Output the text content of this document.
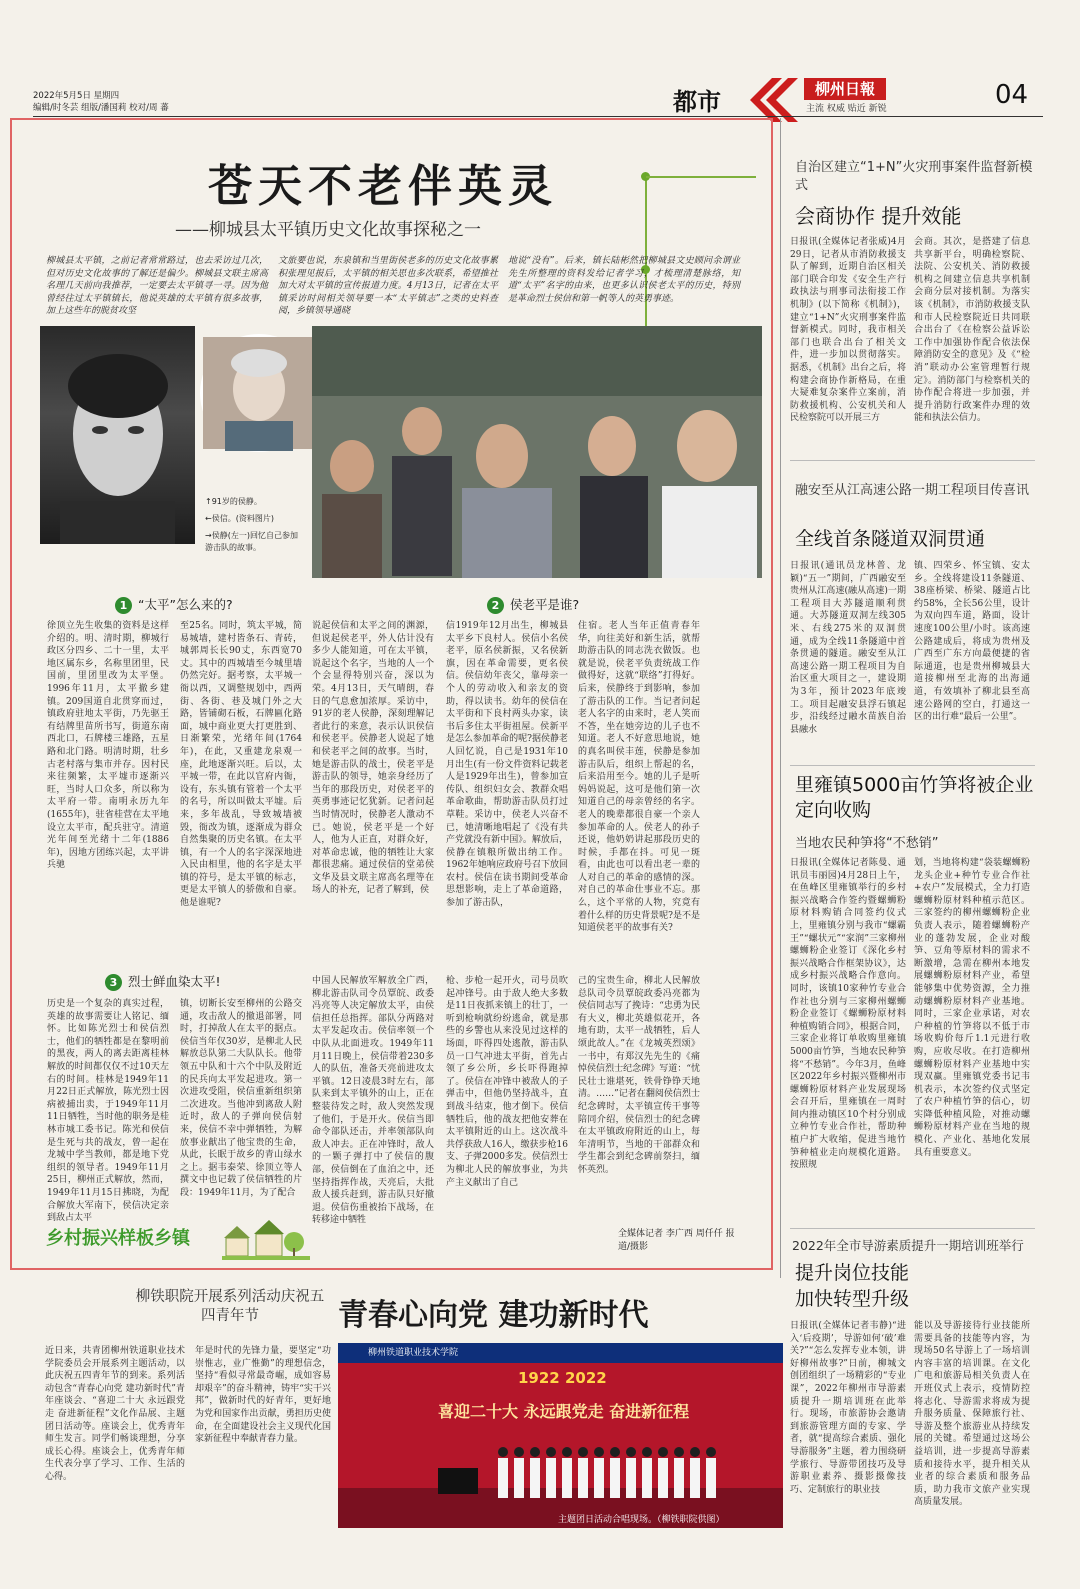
2022年5月5日 星期四
编辑/时冬芸 组版/潘国莉 校对/周 蕃	都市	柳州日報
主流 权威 贴近 新锐	04
苍天不老伴英灵
——柳城县太平镇历史文化故事探秘之一
柳城县太平镇，之前记者常常路过，也去采访过几次，但对历史文化故事的了解还是偏少。柳城县文联主席高名理几天前向我推荐，一定要去太平镇寻一寻。因为他曾经往过太平镇镇长，他说英雄的太平镇有很多故事，加上这些年的脱贫攻坚
文旅要也说，东泉镇和当里街侯老多的历史文化故事累积张理见报后，太平镇的相关思也多次联系，希望推社加大对太平镇的宣传报道力度。4月13日，记者在太平镇采访时间相关领导要一本“太平镇志”之类的史料查阅，乡镇领导通晓
地说“没有”。后来，镇长陆彬然把柳城县文史顾问余谓业先生所整理的资料发给记者学习，才梳理清楚脉络，知道“太平”名字的由来，也更多认识侯老太平的历史，特别是革命烈士侯信和第一帆等人的英勇事迹。
↑91岁的侯静。
←侯信。(资料图片)
→侯静(左一)回忆自己参加游击队的故事。
1 “太平”怎么来的?	2 侯老平是谁?
徐顶立先生收集的资料是这样介绍的。明、清时期，柳城行政区分四乡、二十一里，太平地区属东乡，名称里团里，民国前，里团里改为太平堡。1996年11月，太平撤乡建镇。209国道自北贯穿而过，镇政府驻地太平街，乃先驱王有结牌里苗所书写，街道东南西北口，石牌楼三雄路，五星路和北门路。明清时期，壮乡古老村落与集市并存。因村民来往频繁，太平墟市逐渐兴旺，当时人口众多，所以称为太平府一带。南明永历九年(1655年)，驻省桂营在太平地设立太平市，配兵驻守。清道光年间至光绪十二年(1886年)，因地方团练兴起，太平讲兵驰
至25名。同时，筑太平城，简易城墙，建村皆条石、青砖，城郭周长长90丈，东西宽70丈。其中的西城墙至今城里墙仍然完好。据考察，太平城一衙以西，又调整规划中，西两街、各街、巷及城门外之大路，皆铺砌石板，石牌匾化路面，城中商业更大打更胜到、日渐繁荣，光绪年间(1764年)，在此，又重建龙泉观一座，此地逐渐兴旺。后以，太平城一带，在此以官府内衙，设有，东头镇有管着一个太平的名号，所以叫做太平墟。后来，多年战乱，导致城墙被毁，衙改为镇，逐渐成为群众自然集聚的历史名镇。在太平镇，有一个人的名字深深地进入民由相里，他的名字是太平镇的符号，是太平镇的标志，更是太平镇人的骄傲和自豪。他是谁呢?
说起侯信和太平之间的渊源，但说起侯老平，外人估计没有多少人能知道，可在太平镇，说起这个名字，当地的人一个个会显得特别兴奋，深以为荣。4月13日，天气晴朗，春日的气息愈加浓厚。采访中，91岁的老人侯静，深刻理解记者此行的来意，表示认识侯信和侯老平。侯静老人说起了她和侯老平之间的故事。当时，她是游击队的战士，侯老平是游击队的领导，她亲身经历了当年的那段历史，对侯老平的英勇事迹记忆犹新。记者问起当时情况时，侯静老人激动不已。她说，侯老平是一个好人，他为人正直，对群众好，对革命忠诚，他的牺牲让大家都很悲痛。通过侯信的堂弟侯文华及县文联主席高名理等在场人的补充，记者了解到，侯
信1919年12月出生，柳城县太平乡下良村人。侯信小名侯老平，原名侯新振，又名侯新旗，因在革命需要，更名侯信。侯信幼年丧父，靠母亲一个人的劳动收入和亲友的资助，得以读书。幼年的侯信在太平街和下良村两头办家，读书后多住太平街祖屋。侯新平是怎么参加革命的呢?据侯静老人回忆说，自己是1931年10月出生(有一份文件资料记载老人是1929年出生)，曾参加宣传队、组织妇女会、教群众唱革命歌曲，帮助游击队员打过草鞋。采访中，侯老人兴奋不已，她清晰地唱起了《没有共产党就没有新中国》。解放后，侯静在镇粮所做出纳工作。1962年她响应政府号召下放回农村。侯信在读书期间受革命思想影响，走上了革命道路，参加了游击队，
住宿。老人当年正值青春年华，向往美好和新生活，就帮助游击队的同志洗衣做饭。也就是说，侯老平负责统战工作做得好，这就“联络”打得好。后来，侯静终于到影响，参加了游击队的工作。当记者问起老人名字的由来时，老人笑而不答，坐在她旁边的儿子也不知道。老人不好意思地说，她的真名叫侯丰莲，侯静是参加游击队后，组织上帮起的名，后来沿用至今。她的儿子是听妈妈说起，这可是他们第一次知道自己的母亲曾经的名字。老人的晚辈都很自豪一个亲人参加革命的人。侯老人的孙子还说，他奶奶讲起那段历史的时候，手都在抖。可见一斑看，由此也可以看出老一辈的人对自己的革命的感情的深。对自己的革命仕事业不忘。那么，这个平常的人物，究竟有着什么样的历史背景呢?是不是知道侯老平的故事有关?
3 烈士鲜血染太平!
历史是一个复杂的真实过程，英雄的故事需要让人铭记、缅怀。比如陈光烈士和侯信烈士，他们的牺牲都是在黎明前的黑夜，两人的离去距离桂林解放的时间都仅仅不过10天左右的时间。桂林是1949年11月22日正式解放，陈光烈士因病被捕出卖，于1949年11月11日牺牲，当时他的职务是桂林市城工委书记。陈光和侯信是生死与共的战友，曾一起在龙城中学当教师，都是地下党组织的领导者。1949年11月25日，柳州正式解放，然而，1949年11月15日拂晓，为配合解放大军南下，侯信决定亲到敌占太平
镇，切断长安至柳州的公路交通，攻击敌人的撤退部署，同时，打掉敌人在太平的据点。侯信当年仅30岁，是柳北人民解放总队第二大队队长。他带领五中队和十六个中队及附近的民兵向太平发起进攻。第一次进攻受阻，侯信重新组织第二次进攻。当他冲到离敌人附近时，敌人的子弹向侯信射来，侯信不幸中弹牺牲，为解放事业献出了他宝贵的生命，从此，长眠于故乡的青山绿水之上。据韦泰荣、徐顶立等人撰文中也记载了侯信牺牲的片段：1949年11月，为了配合
中国人民解放军解放全广西，柳北游击队司令员覃皖、政委冯亮等人决定解放太平，由侯信担任总指挥。部队分两路对太平发起攻击。侯信率领一个中队从北面进攻。1949年11月11日晚上，侯信带着230多人的队伍，准备天亮前进攻太平镇。12日凌晨3时左右，部队来到太平镇外的山上，正在整装待发之时，敌人突然发现了他们，于是开火。侯信当即命令部队还击，并率领部队向敌人冲去。正在冲锋时，敌人的一颗子弹打中了侯信的腹部，侯信倒在了血泊之中，还坚持指挥作战，天亮后，大批敌人援兵赶到，游击队只好撤退。侯信伤重被抬下战场，在转移途中牺牲
枪、步枪一起开火，司号员吹起冲锋号。由于敌人绝大多数是11日夜抓来镇上的壮丁，一听到枪响就纷纷逃命，就是那些的乡警也从来没见过这样的场面，吓得四处逃散，游击队员一口气冲进太平街，首先占领了乡公所，乡长吓得跑掉了。侯信在冲锋中被敌人的子弹击中，但他仍坚持战斗，直到战斗结束，他才倒下。侯信牺牲后，他的战友把他安葬在太平镇附近的山上。这次战斗共俘获敌人16人，缴获步枪16支、子弹2000多发。侯信烈士为柳北人民的解放事业，为共产主义献出了自己
己的宝贵生命，柳北人民解放总队司令员覃皖政委冯亮都为侯信同志写了挽诗：“忠勇为民有大义，柳北英雄似花开，各地有助，太平一战牺牲，后人颂此故人。”在《龙城英烈颂》一书中，有郑汉先先生的《痛悼侯信烈士纪念碑》写道：“忧民壮士谁堪死，铁骨铮铮天地清。……”记者在翻阅侯信烈士纪念碑时，太平镇宣传干事等陪同介绍，侯信烈士的纪念碑在太平镇政府附近的山上，每年清明节，当地的干部群众和学生都会到纪念碑前祭扫，缅怀英烈。
全媒体记者 李广西 周仟仟 报道/摄影
乡村振兴样板乡镇
自治区建立“1+N”火灾刑事案件监督新模式
会商协作 提升效能
日报讯(全媒体记者张威)4月29日，记者从市消防救援支队了解到，近期自治区相关部门联合印发《安全生产行政执法与刑事司法衔接工作机制》(以下简称《机制》)，建立“1+N”火灾刑事案件监督新模式。同时，我市相关部门也联合出台了相关文件，进一步加以贯彻落实。据悉，《机制》出台之后，将构建会商协作新格局，在重大疑难复杂案件立案前，消防救援机构、公安机关和人民检察院可以开展三方
会商。其次，是搭建了信息共享新平台，明确检察院、法院、公安机关、消防救援机构之间建立信息共享机制会商分层对接机制。为落实该《机制》，市消防救援支队和市人民检察院近日共同联合出台了《在检察公益诉讼工作中加强协作配合依法保障消防安全的意见》及《“检消”联动办公室管理暂行规定》。消防部门与检察机关的协作配合将进一步加强，并提升消防行政案件办理的效能和执法公信力。
融安至从江高速公路一期工程项目传喜讯
全线首条隧道双洞贯通
日报讯(通讯员龙林普、龙颖)“五一”期间，广西融安至贵州从江高速(融从高速)一期工程项目大苏隧道顺利贯通。大苏隧道双洞左线305米、右线275米的双洞贯通，成为全线11条隧道中首条贯通的隧道。融安至从江高速公路一期工程项目为自治区重大项目之一，建设期为3年，预计2023年底竣工。项目起融安县浮石镇起步，沿线经过融水苗族自治县融水
镇、四荣乡、怀宝镇、安太乡。全线将建设11条隧道、38座桥梁、桥梁、隧道占比约58%，全长56公里，设计为双向四车道，路面，设计速度100公里/小时。该高速公路建成后，将成为贵州及广西至广东方向最便捷的省际通道，也是贵州柳城县大道接柳州至北海的出海通道，有效填补了柳北县至高速公路网的空白，打通这一区的出行难“最后一公里”。
里雍镇5000亩竹笋将被企业定向收购
当地农民种笋将“不愁销”
日报讯(全媒体记者陈曼、通讯员韦丽园)4月28日上午，在鱼峰区里雍镇举行的乡村振兴战略合作签约暨螺蛳粉原材料购销合同签约仪式上，里雍镇分别与我市“螺霸王”“螺状元”“家润”三家柳州螺蛳粉企业签订《深化乡村振兴战略合作框架协议》，达成乡村振兴战略合作意向。同时，该镇10家种竹专业合作社也分别与三家柳州螺蛳粉企业签订《螺蛳粉原材料种植购销合同》，根据合同，三家企业将订单收购里雍镇5000亩竹笋，当地农民种笋将“不愁销”。今年3月，鱼峰区2022年乡村振兴暨柳州市螺蛳粉原材料产业发展现场会召开后，里雍镇在一周时间内推动镇区10个村分别成立种竹专业合作社，帮助种植户扩大收缩，促进当地竹笋种植业走向规模化道路。按照规
划，当地将构建“袋装螺蛳粉龙头企业+种竹专业合作社+农户”发展模式，全力打造螺蛳粉原材料种植示范区。三家签约的柳州螺蛳粉企业负责人表示，随着螺蛳粉产业的蓬勃发展，企业对酸笋、豆角等原材料的需求不断激增，急需在柳州本地发展螺蛳粉原材料产业，希望能够集中优势资源，全力推动螺蛳粉原材料产业基地。同时，三家企业承诺，对农户种植的竹笋将以不低于市场收购价每斤1.1元进行收购，应收尽收。在打造柳州螺蛳粉原材料产业基地中实现双赢。里雍镇党委书记韦机表示，本次签约仪式坚定了农户种植竹笋的信心，切实降低种植风险，对推动螺蛳粉原材料产业在当地的规模化、产业化、基地化发展具有重要意义。
2022年全市导游素质提升一期培训班举行
提升岗位技能 加快转型升级
日报讯(全媒体记者韦静)“进入‘后疫期’，导游如何‘破’难关?”“怎么发挥专业本领，讲好柳州故事?”日前，柳城文创团组织了一场精彩的“专业课”，2022年柳州市导游素质提升一期培训班在此举行。现场，市旅游协会邀请到旅游管理方面的专家、学者，就“提高综合素质、强化导游服务”主题，着力围绕研学旅行、导游带团技巧及导游职业素养、摄影摄像技巧、定制旅行的职业技
能以及导游接待行业技能所需要具备的技能等内容，为现场50名导游上了一场培训内容丰富的培训课。在文化广电和旅游局相关负责人在开班仪式上表示，疫情防控将志化、导游需求将成为提升服务质量、保障旅行社、导游及整个旅游业从持续发展的关键。希望通过这场公益培训，进一步提高导游素质和接待水平，提升相关从业者的综合素质和服务品质，助力我市文旅产业实现高质量发展。
柳铁职院开展系列活动庆祝五四青年节	青春心向党 建功新时代
近日来，共青团柳州铁道职业技术学院委员会开展系列主题活动，以此庆祝五四青年节的到来。系列活动包含“青春心向党 建功新时代”青年座谈会、“喜迎二十大 永远跟党走 奋进新征程”文化作品展、主题团日活动等。座谈会上，优秀青年师生发言。同学们畅谈理想，分享成长心得。座谈会上，优秀青年师生代表分享了学习、工作、生活的心得。
年是时代的先锋力量，要坚定“功崇惟志，业广惟勤”的理想信念，坚持“看似寻常最奇崛，成如容易却艰辛”的奋斗精神，铸牢“实干兴邦”，做新时代的好青年，更好地为党和国家作出贡献，勇担历史使命，在全面建设社会主义现代化国家新征程中奉献青春力量。
柳州铁道职业技术学院
1922 2022
喜迎二十大 永远跟党走 奋进新征程
主题团日活动合唱现场。（柳铁职院供图）
